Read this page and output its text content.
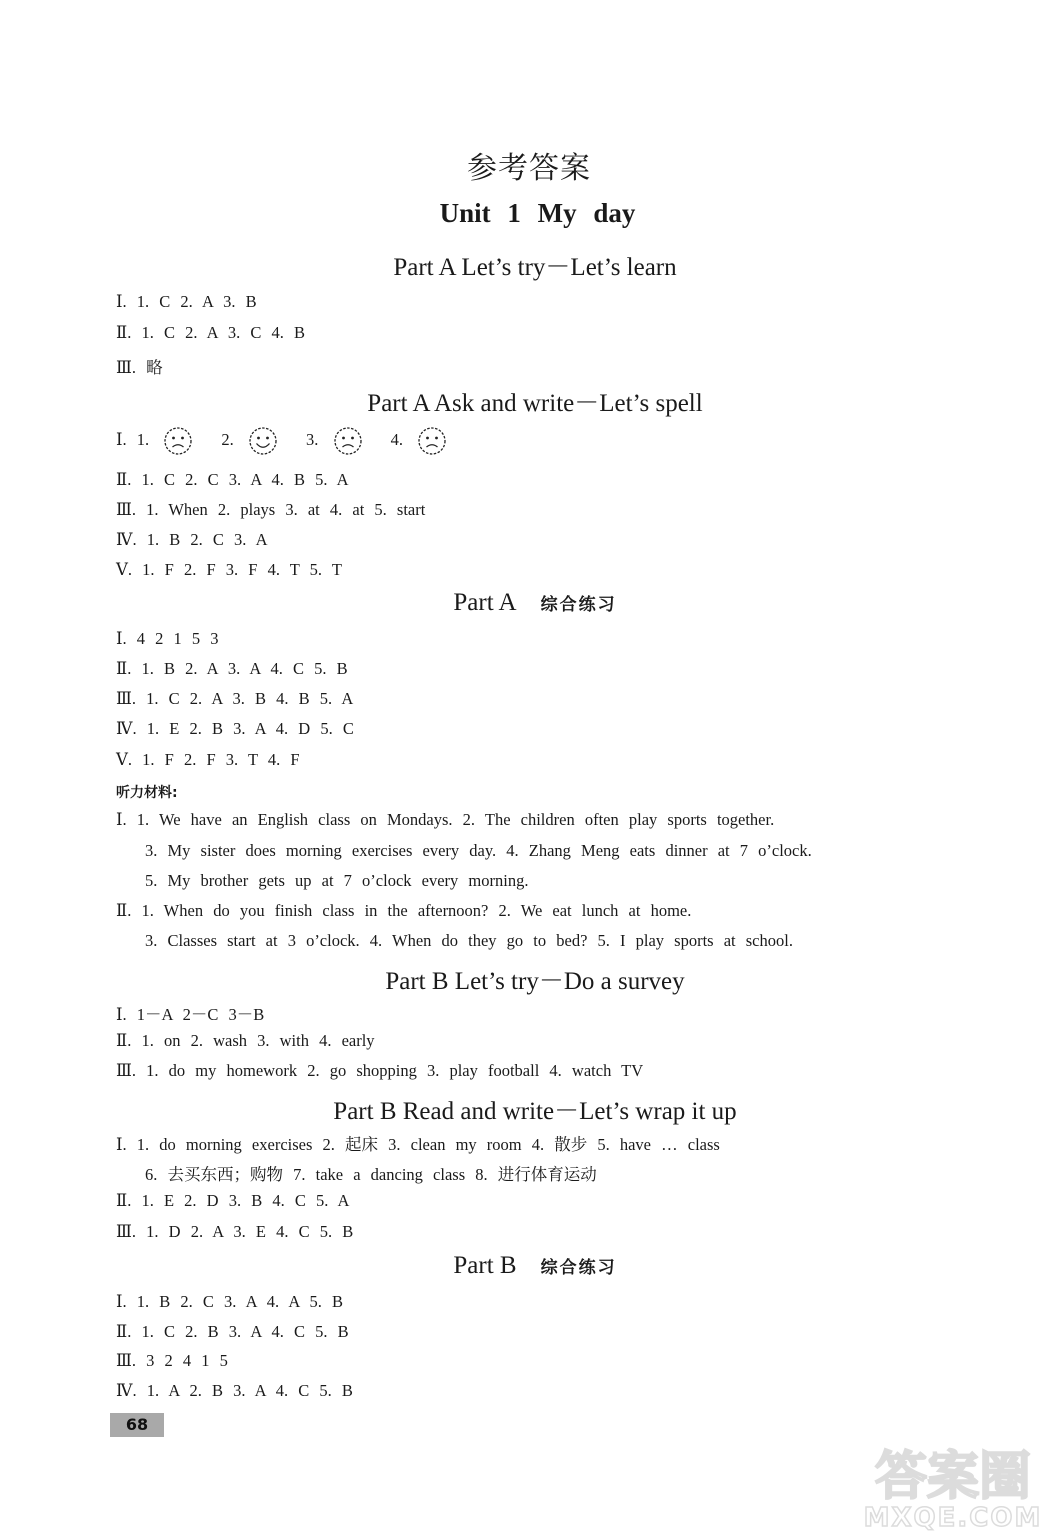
参考答案
Unit 1 My day
Part A Let’s try－Let’s learn
Ⅰ. 1. C 2. A 3. B
Ⅱ. 1. C 2. A 3. C 4. B
Ⅲ. 略
Part A Ask and write－Let’s spell
Ⅰ. 1.	2.	3.	4.
Ⅱ. 1. C 2. C 3. A 4. B 5. A
Ⅲ. 1. When 2. plays 3. at 4. at 5. start
Ⅳ. 1. B 2. C 3. A
Ⅴ. 1. F 2. F 3. F 4. T 5. T
Part A 综合练习
Ⅰ. 4 2 1 5 3
Ⅱ. 1. B 2. A 3. A 4. C 5. B
Ⅲ. 1. C 2. A 3. B 4. B 5. A
Ⅳ. 1. E 2. B 3. A 4. D 5. C
Ⅴ. 1. F 2. F 3. T 4. F
听力材料:
Ⅰ. 1. We have an English class on Mondays. 2. The children often play sports together.
3. My sister does morning exercises every day. 4. Zhang Meng eats dinner at 7 o’clock.
5. My brother gets up at 7 o’clock every morning.
Ⅱ. 1. When do you finish class in the afternoon? 2. We eat lunch at home.
3. Classes start at 3 o’clock. 4. When do they go to bed? 5. I play sports at school.
Part B Let’s try－Do a survey
Ⅰ. 1－A 2－C 3－B
Ⅱ. 1. on 2. wash 3. with 4. early
Ⅲ. 1. do my homework 2. go shopping 3. play football 4. watch TV
Part B Read and write－Let’s wrap it up
Ⅰ. 1. do morning exercises 2. 起床 3. clean my room 4. 散步 5. have … class
6. 去买东西；购物 7. take a dancing class 8. 进行体育运动
Ⅱ. 1. E 2. D 3. B 4. C 5. A
Ⅲ. 1. D 2. A 3. E 4. C 5. B
Part B 综合练习
Ⅰ. 1. B 2. C 3. A 4. A 5. B
Ⅱ. 1. C 2. B 3. A 4. C 5. B
Ⅲ. 3 2 4 1 5
Ⅳ. 1. A 2. B 3. A 4. C 5. B
68
答案圈
MXQE.COM
